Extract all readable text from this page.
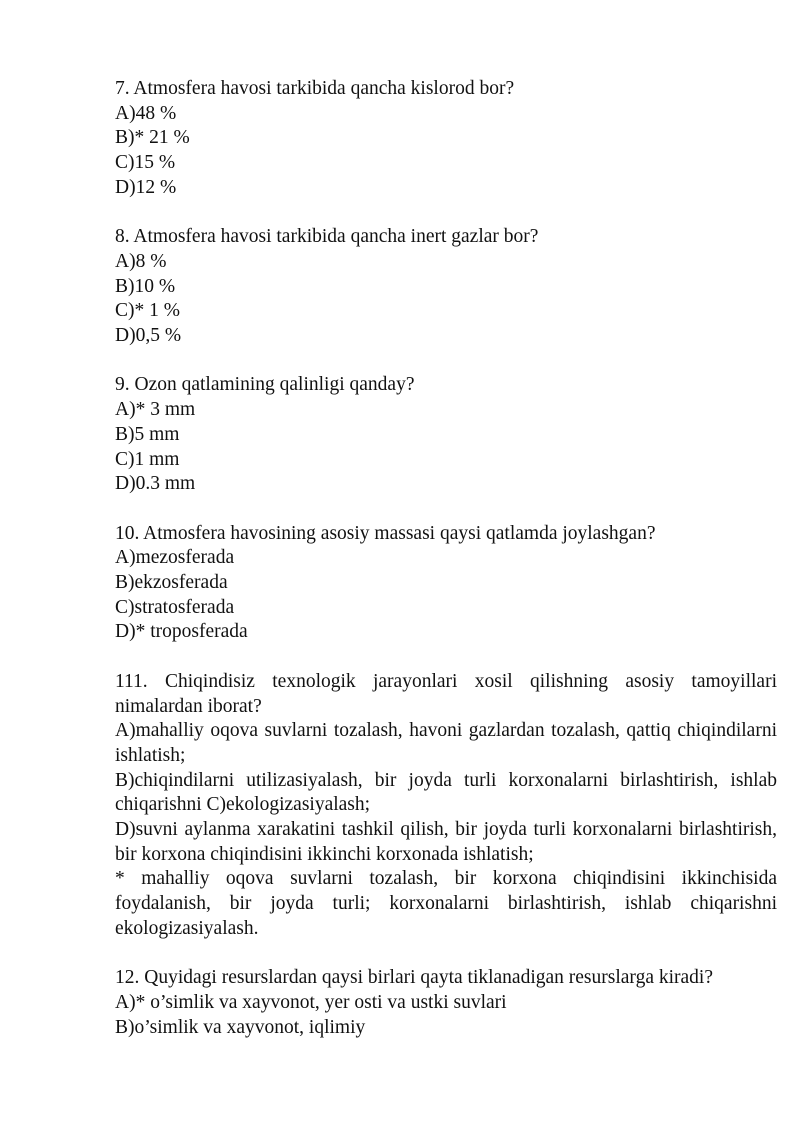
7. Atmosfera havosi tarkibida qancha kislorod bor?
A)48 %
B)* 21 %
C)15 %
D)12 %
8. Atmosfera havosi tarkibida qancha inert gazlar bor?
A)8 %
B)10 %
C)* 1 %
D)0,5 %
9. Ozon qatlamining qalinligi qanday?
A)* 3 mm
B)5 mm
C)1 mm
D)0.3 mm
10. Atmosfera havosining asosiy massasi qaysi qatlamda joylashgan?
A)mezosferada
B)ekzosferada
C)stratosferada
D)* troposferada
111. Chiqindisiz texnologik jarayonlari xosil qilishning asosiy tamoyillari nimalardan iborat?
A)mahalliy oqova suvlarni tozalash, havoni gazlardan tozalash, qattiq chiqindilarni ishlatish;
B)chiqindilarni utilizasiyalash, bir joyda turli korxonalarni birlashtirish, ishlab chiqarishni C)ekologizasiyalash;
D)suvni aylanma xarakatini tashkil qilish, bir joyda turli korxonalarni birlashtirish, bir korxona chiqindisini ikkinchi korxonada ishlatish;
* mahalliy oqova suvlarni tozalash, bir korxona chiqindisini ikkinchisida foydalanish, bir joyda turli; korxonalarni birlashtirish, ishlab chiqarishni ekologizasiyalash.
12. Quyidagi resurslardan qaysi birlari qayta tiklanadigan resurslarga kiradi?
A)* o’simlik va xayvonot, yer osti va ustki suvlari
B)o’simlik va xayvonot, iqlimiy
